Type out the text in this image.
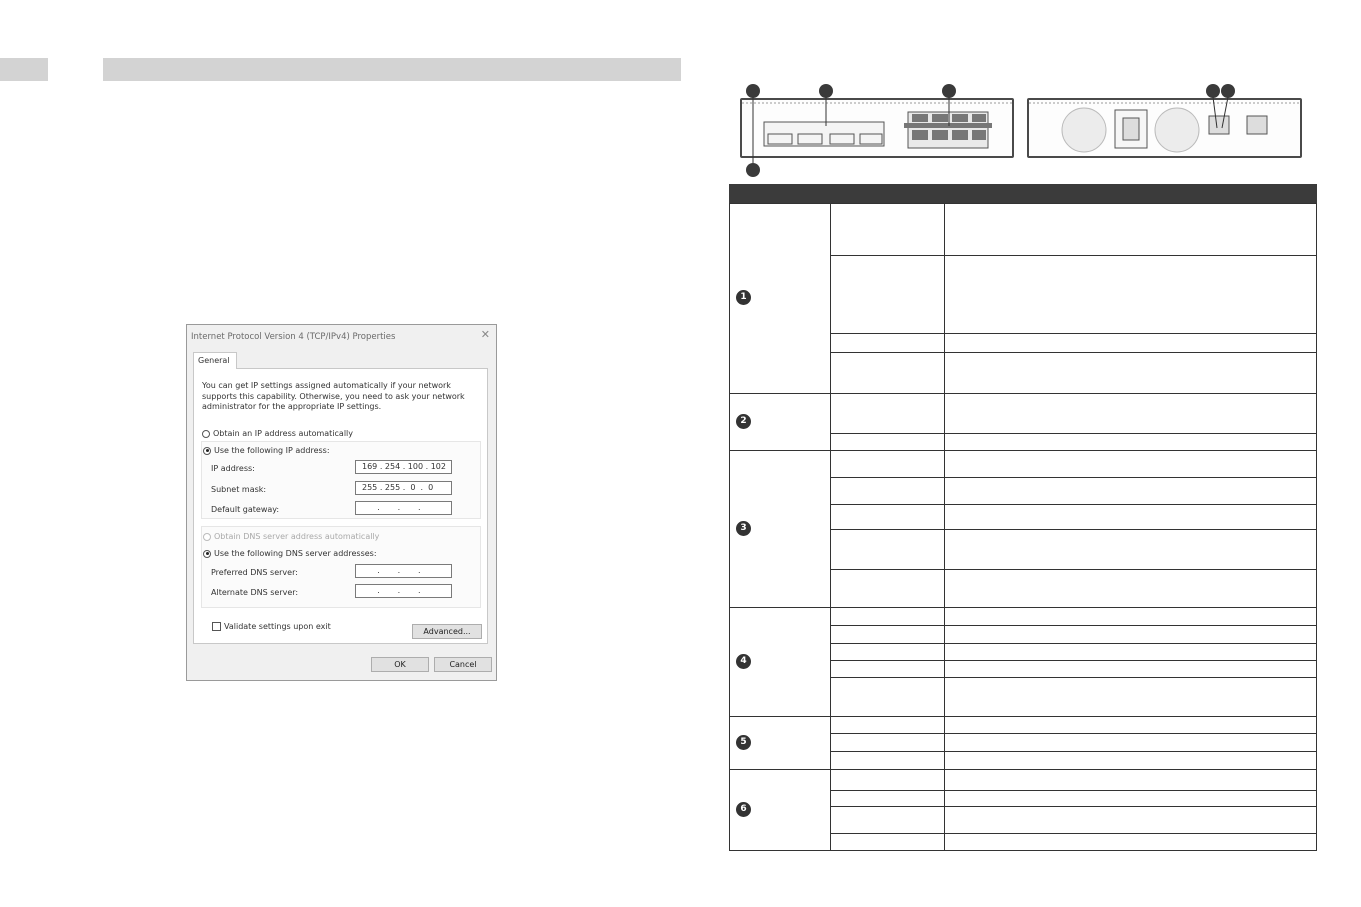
Internet Protocol Version 4 (TCP/IPv4) Properties	✕
General
You can get IP settings assigned automatically if your network supports this capability. Otherwise, you need to ask your network administrator for the appropriate IP settings.
Obtain an IP address automatically
Use the following IP address:
IP address:	169 . 254 . 100 . 102
Subnet mask:	255 . 255 .  0  .  0
Default gateway:	.       .       .
Obtain DNS server address automatically
Use the following DNS server addresses:
Preferred DNS server:	.       .       .
Alternate DNS server:	.       .       .
Validate settings upon exit
Advanced...
OK	Cancel
1
2
3
4
5
6
